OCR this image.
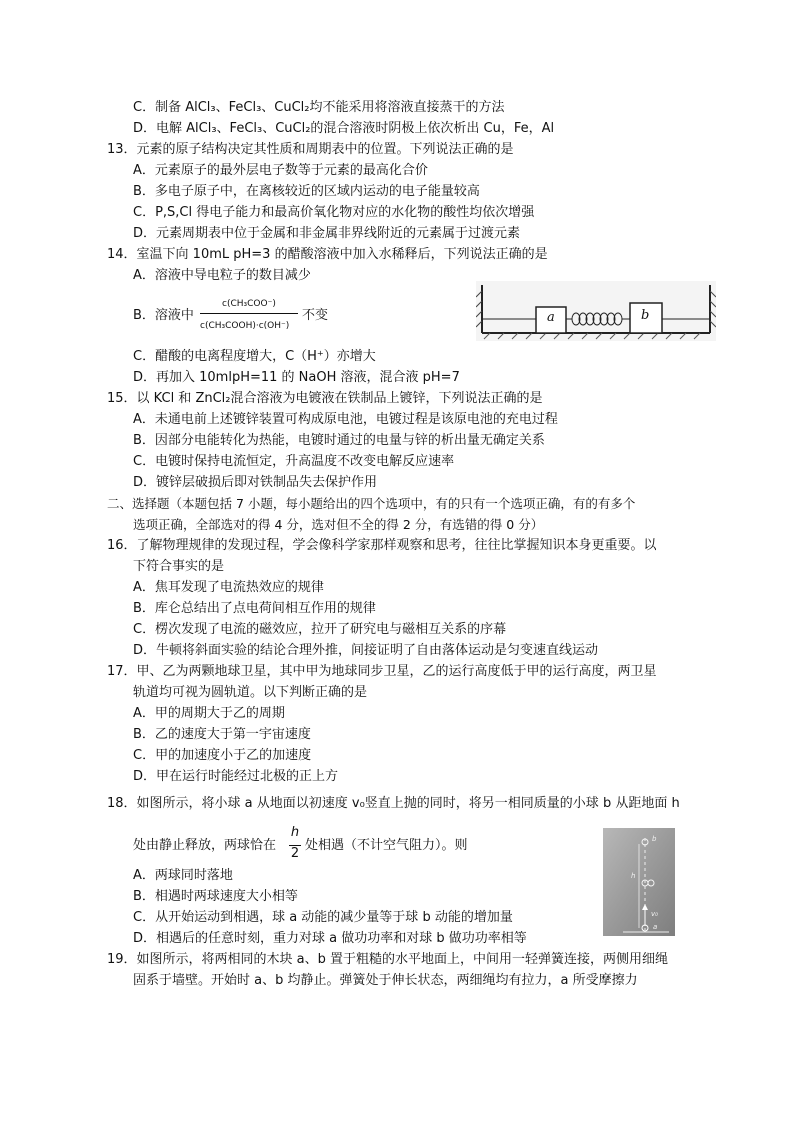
C．制备 AlCl₃、FeCl₃、CuCl₂均不能采用将溶液直接蒸干的方法
D．电解 AlCl₃、FeCl₃、CuCl₂的混合溶液时阴极上依次析出 Cu，Fe，Al
13．元素的原子结构决定其性质和周期表中的位置。下列说法正确的是
A．元素原子的最外层电子数等于元素的最高化合价
B．多电子原子中，在离核较近的区域内运动的电子能量较高
C．P,S,Cl 得电子能力和最高价氧化物对应的水化物的酸性均依次增强
D．元素周期表中位于金属和非金属非界线附近的元素属于过渡元素
14．室温下向 10mL pH=3 的醋酸溶液中加入水稀释后，下列说法正确的是
A．溶液中导电粒子的数目减少
B．溶液中
c(CH₃COO⁻)
c(CH₃COOH)·c(OH⁻)
不变	a	b
C．醋酸的电离程度增大，C（H⁺）亦增大
D．再加入 10mlpH=11 的 NaOH 溶液，混合液 pH=7
15．以 KCl 和 ZnCl₂混合溶液为电镀液在铁制品上镀锌，下列说法正确的是
A．未通电前上述镀锌装置可构成原电池，电镀过程是该原电池的充电过程
B．因部分电能转化为热能，电镀时通过的电量与锌的析出量无确定关系
C．电镀时保持电流恒定，升高温度不改变电解反应速率
D．镀锌层破损后即对铁制品失去保护作用
二、选择题（本题包括 7 小题，每小题给出的四个选项中，有的只有一个选项正确，有的有多个
选项正确，全部选对的得 4 分，选对但不全的得 2 分，有选错的得 0 分）
16．了解物理规律的发现过程，学会像科学家那样观察和思考，往往比掌握知识本身更重要。以
下符合事实的是
A．焦耳发现了电流热效应的规律
B．库仑总结出了点电荷间相互作用的规律
C．楞次发现了电流的磁效应，拉开了研究电与磁相互关系的序幕
D．牛顿将斜面实验的结论合理外推，间接证明了自由落体运动是匀变速直线运动
17．甲、乙为两颗地球卫星，其中甲为地球同步卫星，乙的运行高度低于甲的运行高度，两卫星
轨道均可视为圆轨道。以下判断正确的是
A．甲的周期大于乙的周期
B．乙的速度大于第一宇宙速度
C．甲的加速度小于乙的加速度
D．甲在运行时能经过北极的正上方
18．如图所示，将小球 a 从地面以初速度 v₀竖直上抛的同时，将另一相同质量的小球 b 从距地面 h
处由静止释放，两球恰在
h
2
处相遇（不计空气阻力）。则	b
h
v₀
a
A．两球同时落地
B．相遇时两球速度大小相等
C．从开始运动到相遇，球 a 动能的减少量等于球 b 动能的增加量
D．相遇后的任意时刻，重力对球 a 做功功率和对球 b 做功功率相等
19．如图所示，将两相同的木块 a、b 置于粗糙的水平地面上，中间用一轻弹簧连接，两侧用细绳
固系于墙壁。开始时 a、b 均静止。弹簧处于伸长状态，两细绳均有拉力，a 所受摩擦力
